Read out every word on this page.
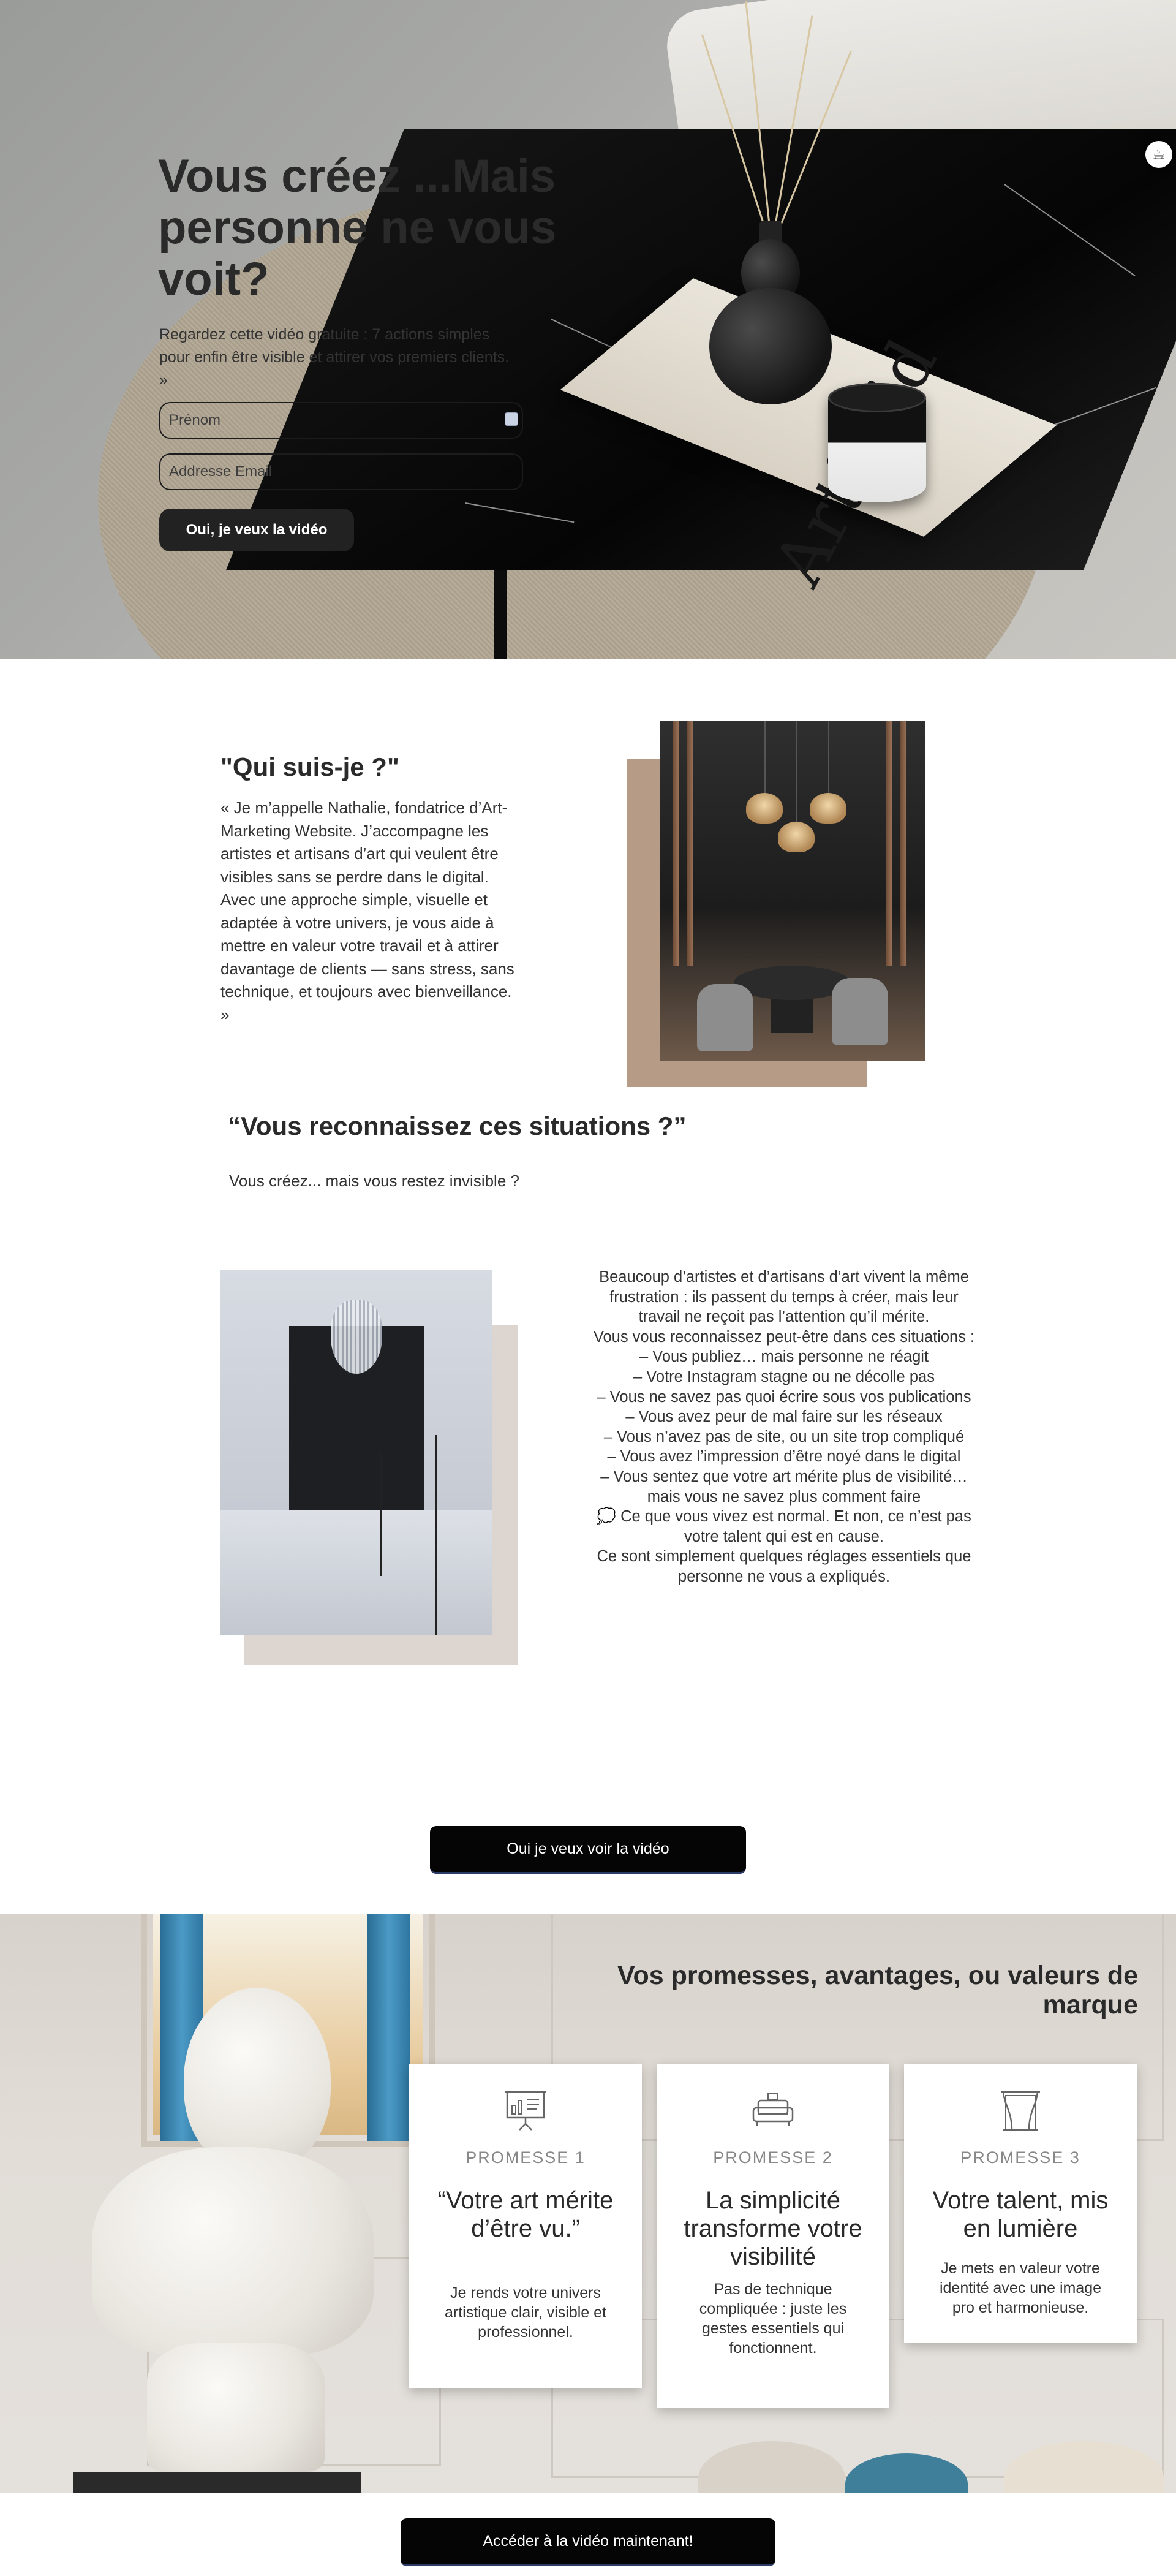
Vous créez ...Mais personne ne vous voit?

Regardez cette vidéo gratuite : 7 actions simples pour enfin être visible et attirer vos premiers clients. »

Prénom
Addresse Email
Oui, je veux la vidéo
☕
"Qui suis-je ?"

« Je m’appelle Nathalie, fondatrice d’Art-Marketing Website. J’accompagne les artistes et artisans d’art qui veulent être visibles sans se perdre dans le digital. Avec une approche simple, visuelle et adaptée à votre univers, je vous aide à mettre en valeur votre travail et à attirer davantage de clients — sans stress, sans technique, et toujours avec bienveillance. »

“Vous reconnaissez ces situations ?”

Vous créez... mais vous restez invisible ?

Beaucoup d’artistes et d’artisans d’art vivent la même frustration : ils passent du temps à créer, mais leur travail ne reçoit pas l’attention qu’il mérite.
Vous vous reconnaissez peut-être dans ces situations :
– Vous publiez… mais personne ne réagit
– Votre Instagram stagne ou ne décolle pas
– Vous ne savez pas quoi écrire sous vos publications
– Vous avez peur de mal faire sur les réseaux
– Vous n’avez pas de site, ou un site trop compliqué
– Vous avez l’impression d’être noyé dans le digital
– Vous sentez que votre art mérite plus de visibilité… mais vous ne savez plus comment faire
💭 Ce que vous vivez est normal. Et non, ce n’est pas votre talent qui est en cause.
Ce sont simplement quelques réglages essentiels que personne ne vous a expliqués.

Oui je veux voir la vidéo
Vos promesses, avantages, ou valeurs de marque

PROMESSE 1

“Votre art mérite d’être vu.”

Je rends votre univers artistique clair, visible et professionnel.

PROMESSE 2

La simplicité transforme votre visibilité

Pas de technique compliquée : juste les gestes essentiels qui fonctionnent.

PROMESSE 3

Votre talent, mis en lumière

Je mets en valeur votre identité avec une image pro et harmonieuse.

Accéder à la vidéo maintenant!
